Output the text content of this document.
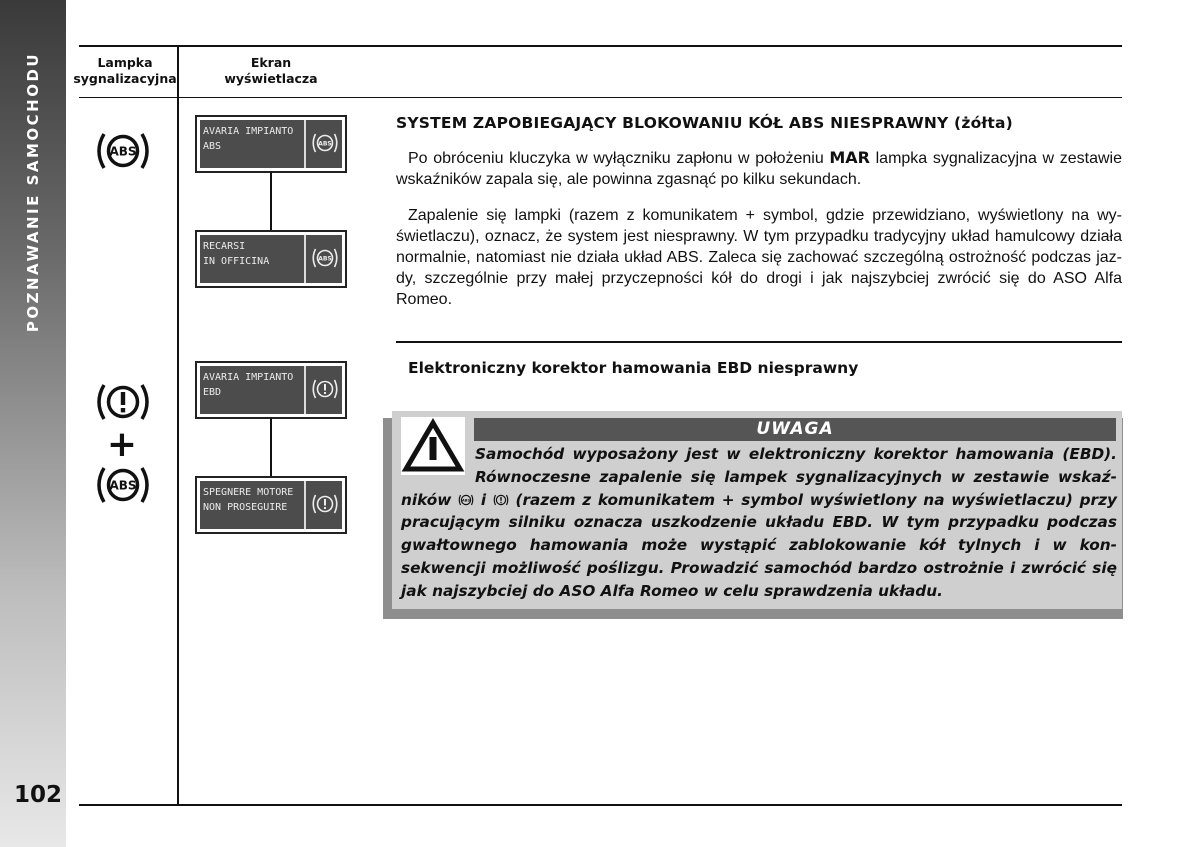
POZNAWANIE SAMOCHODU
102
Lampka
sygnalizacyjna
Ekran
wyświetlacza
ABS
+
ABS
AVARIA IMPIANTO
ABS	ABS
RECARSI
IN OFFICINA	ABS
AVARIA IMPIANTO
EBD
SPEGNERE MOTORE
NON PROSEGUIRE
SYSTEM ZAPOBIEGAJĄCY BLOKOWANIU KÓŁ ABS NIESPRAWNY (żółta)

Po obróceniu kluczyka w wyłączniku zapłonu w położeniu MAR lampka sygnalizacyjna w zestawie wskaźników zapala się, ale powinna zgasnąć po kilku sekundach.

Zapalenie się lampki (razem z komunikatem + symbol, gdzie przewidziano, wyświetlony na wyświetlaczu), oznacz, że system jest niesprawny. W tym przypadku tradycyjny układ hamulcowy działa normalnie, natomiast nie działa układ ABS. Zaleca się zachować szczególną ostrożność podczas jazdy, szczególnie przy małej przyczepności kół do drogi i jak najszybciej zwrócić się do ASO Alfa Romeo.

Elektroniczny korektor hamowania EBD niesprawny
UWAGA

Samochód wyposażony jest w elektroniczny korektor hamowania (EBD). Równoczesne zapalenie się lampek sygnalizacyjnych w zestawie wskaźników ABS i  (razem z komunikatem + symbol wyświetlony na wyświetlaczu) przy pracującym silniku oznacza uszkodzenie układu EBD. W tym przypadku podczas gwałtownego hamowania może wystąpić zablokowanie kół tylnych i w konsekwencji możliwość poślizgu. Prowadzić samochód bardzo ostrożnie i zwrócić się jak najszybciej do ASO Alfa Romeo w celu sprawdzenia układu.
